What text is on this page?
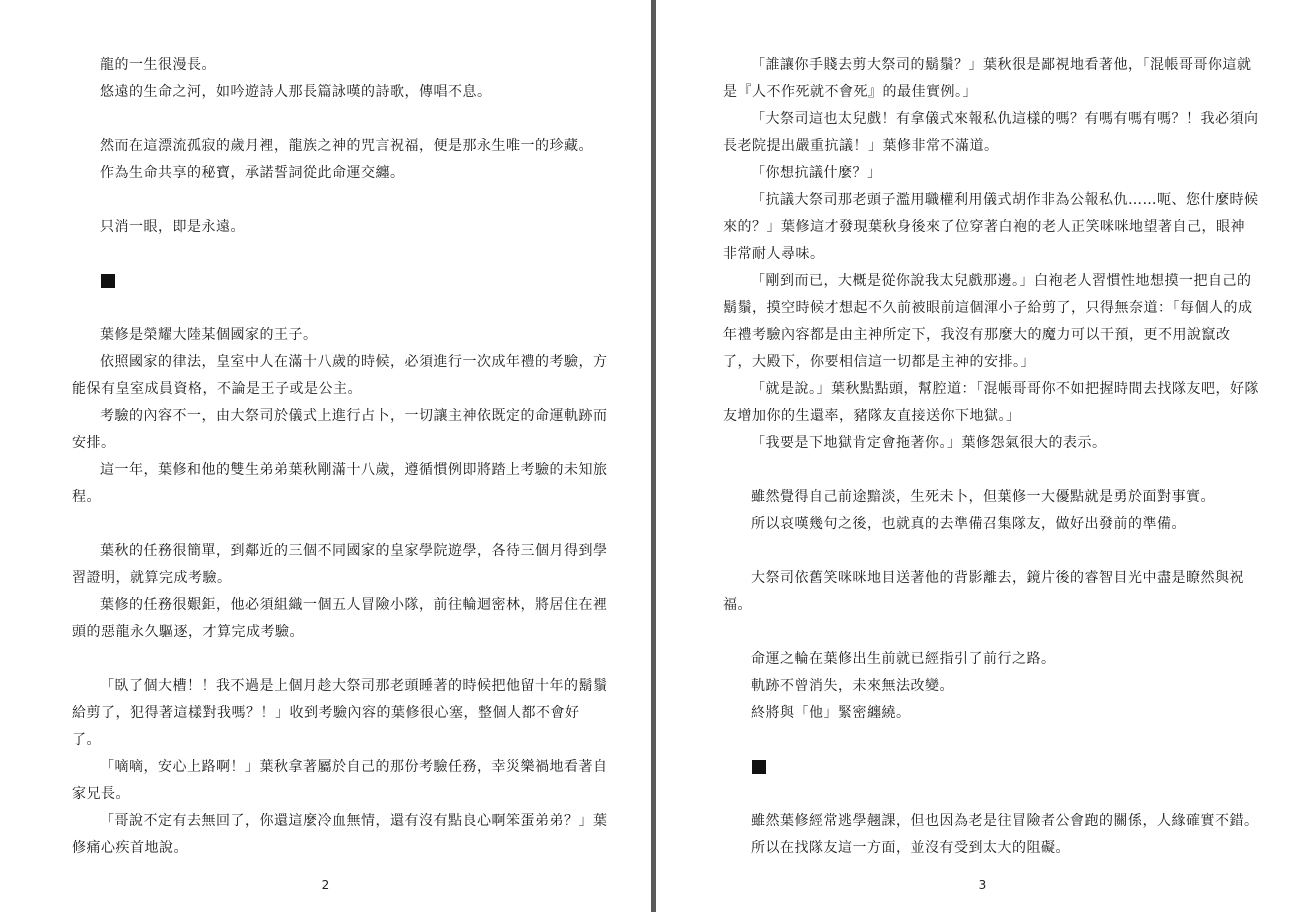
龍的一生很漫長。

悠遠的生命之河，如吟遊詩人那長篇詠嘆的詩歌，傳唱不息。

然而在這漂流孤寂的歲月裡，龍族之神的咒言祝福，便是那永生唯一的珍藏。

作為生命共享的秘寶，承諾誓詞從此命運交纏。

只消一眼，即是永遠。

葉修是榮耀大陸某個國家的王子。

依照國家的律法，皇室中人在滿十八歲的時候，必須進行一次成年禮的考驗，方能保有皇室成員資格，不論是王子或是公主。

考驗的內容不一，由大祭司於儀式上進行占卜，一切讓主神依既定的命運軌跡而安排。

這一年，葉修和他的雙生弟弟葉秋剛滿十八歲，遵循慣例即將踏上考驗的未知旅程。

葉秋的任務很簡單，到鄰近的三個不同國家的皇家學院遊學，各待三個月得到學習證明，就算完成考驗。

葉修的任務很艱鉅，他必須組織一個五人冒險小隊，前往輪迴密林，將居住在裡頭的惡龍永久驅逐，才算完成考驗。

「臥了個大槽！！我不過是上個月趁大祭司那老頭睡著的時候把他留十年的鬍鬚給剪了，犯得著這樣對我嗎？！」收到考驗內容的葉修很心塞，整個人都不會好了。

「嘀嘀，安心上路啊！」葉秋拿著屬於自己的那份考驗任務，幸災樂禍地看著自家兄長。

「哥說不定有去無回了，你還這麼冷血無情，還有沒有點良心啊笨蛋弟弟？」葉修痛心疾首地說。

2

「誰讓你手賤去剪大祭司的鬍鬚？」葉秋很是鄙視地看著他，「混帳哥哥你這就是『人不作死就不會死』的最佳實例。」

「大祭司這也太兒戲！有拿儀式來報私仇這樣的嗎？有嗎有嗎有嗎？！我必須向長老院提出嚴重抗議！」葉修非常不滿道。

「你想抗議什麼？」

「抗議大祭司那老頭子濫用職權利用儀式胡作非為公報私仇……呃、您什麼時候來的？」葉修這才發現葉秋身後來了位穿著白袍的老人正笑咪咪地望著自己，眼神非常耐人尋味。

「剛到而已，大概是從你說我太兒戲那邊。」白袍老人習慣性地想摸一把自己的鬍鬚，摸空時候才想起不久前被眼前這個渾小子給剪了，只得無奈道：「每個人的成年禮考驗內容都是由主神所定下，我沒有那麼大的魔力可以干預，更不用說竄改了，大殿下，你要相信這一切都是主神的安排。」

「就是說。」葉秋點點頭，幫腔道：「混帳哥哥你不如把握時間去找隊友吧，好隊友增加你的生還率，豬隊友直接送你下地獄。」

「我要是下地獄肯定會拖著你。」葉修怨氣很大的表示。

雖然覺得自己前途黯淡，生死未卜，但葉修一大優點就是勇於面對事實。

所以哀嘆幾句之後，也就真的去準備召集隊友，做好出發前的準備。

大祭司依舊笑咪咪地目送著他的背影離去，鏡片後的睿智目光中盡是瞭然與祝福。

命運之輪在葉修出生前就已經指引了前行之路。

軌跡不曾消失，未來無法改變。

終將與「他」緊密纏繞。

雖然葉修經常逃學翹課，但也因為老是往冒險者公會跑的關係，人緣確實不錯。

所以在找隊友這一方面，並沒有受到太大的阻礙。

3
